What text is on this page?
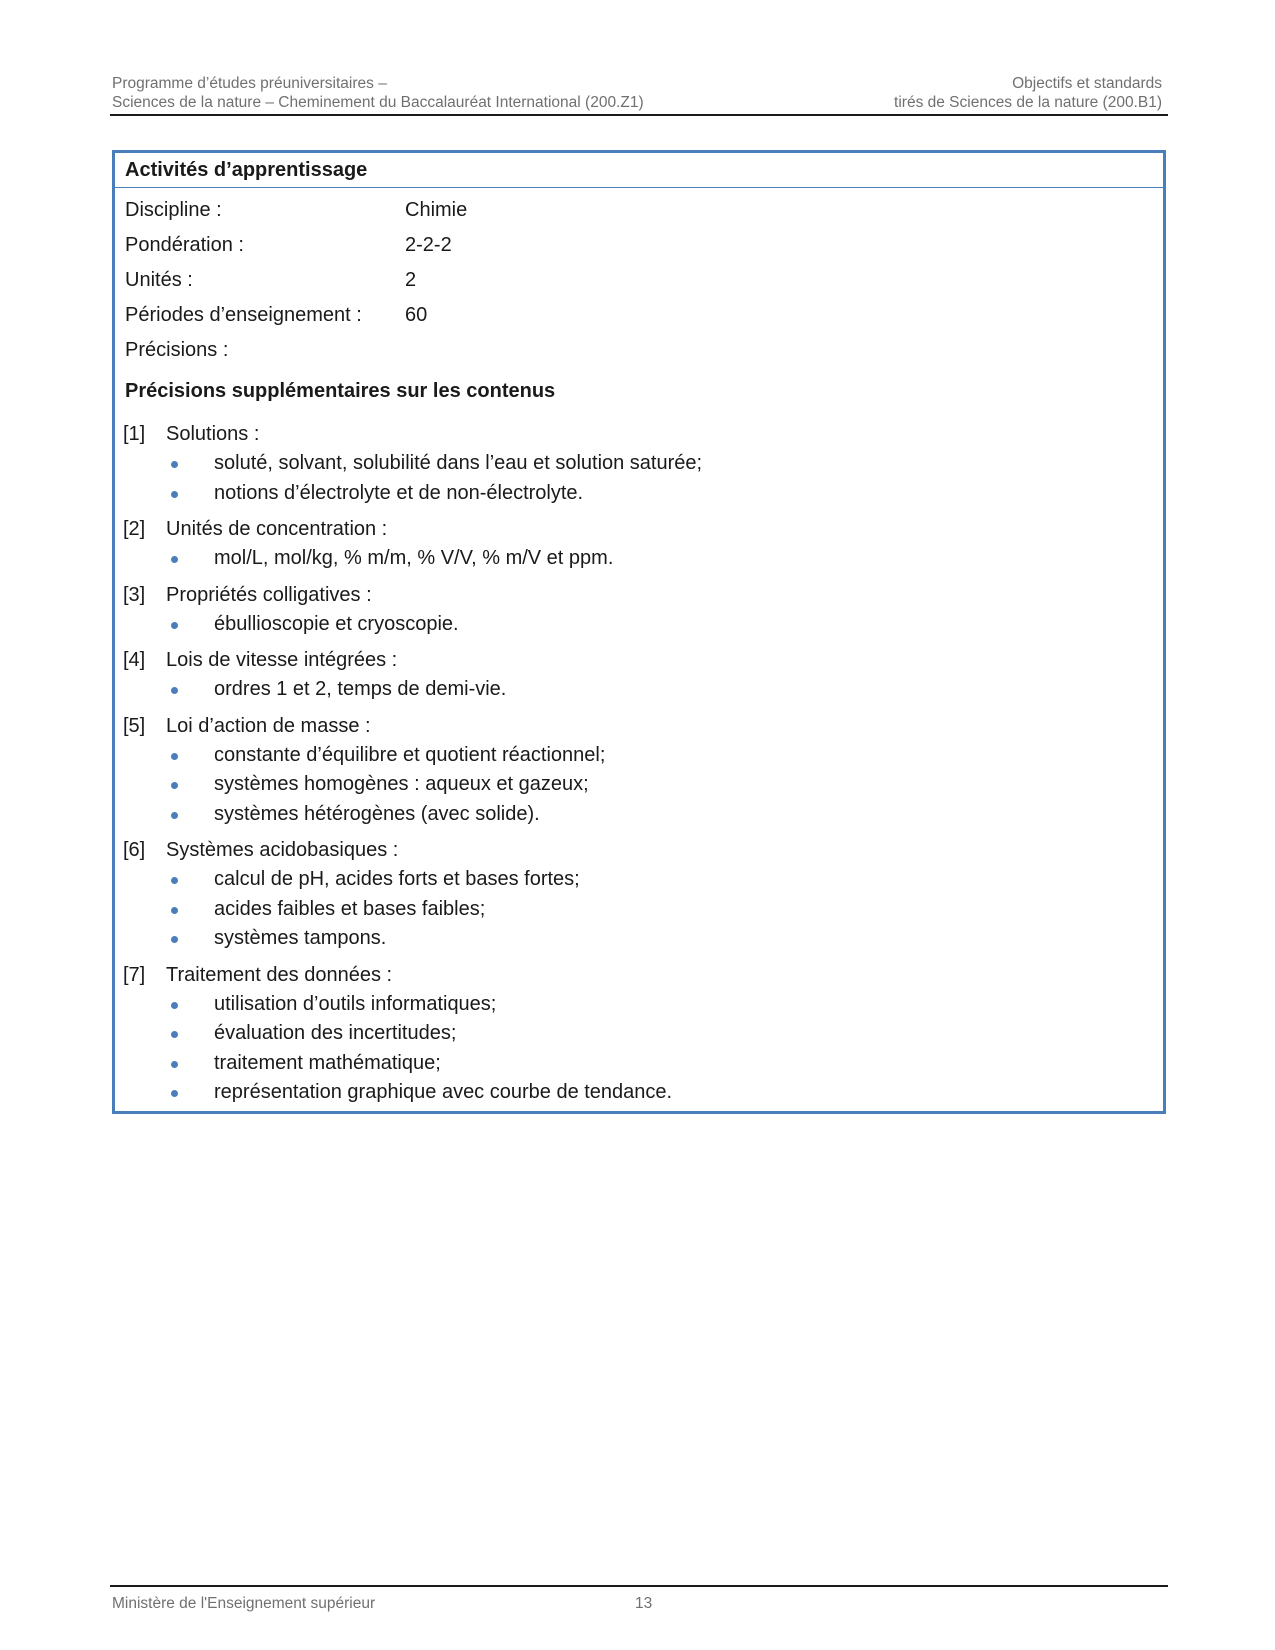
Programme d’études préuniversitaires –
Sciences de la nature – Cheminement du Baccalauréat International (200.Z1)
Objectifs et standards
tirés de Sciences de la nature (200.B1)
Activités d’apprentissage
Discipline :	Chimie
Pondération :	2-2-2
Unités :	2
Périodes d’enseignement : 60
Précisions :
Précisions supplémentaires sur les contenus
[1] Solutions :
soluté, solvant, solubilité dans l’eau et solution saturée;
notions d’électrolyte et de non-électrolyte.
[2] Unités de concentration :
mol/L, mol/kg, % m/m, % V/V, % m/V et ppm.
[3] Propriétés colligatives :
ébullioscopie et cryoscopie.
[4] Lois de vitesse intégrées :
ordres 1 et 2, temps de demi-vie.
[5] Loi d’action de masse :
constante d’équilibre et quotient réactionnel;
systèmes homogènes : aqueux et gazeux;
systèmes hétérogènes (avec solide).
[6] Systèmes acidobasiques :
calcul de pH, acides forts et bases fortes;
acides faibles et bases faibles;
systèmes tampons.
[7] Traitement des données :
utilisation d’outils informatiques;
évaluation des incertitudes;
traitement mathématique;
représentation graphique avec courbe de tendance.
Ministère de l'Enseignement supérieur	13
